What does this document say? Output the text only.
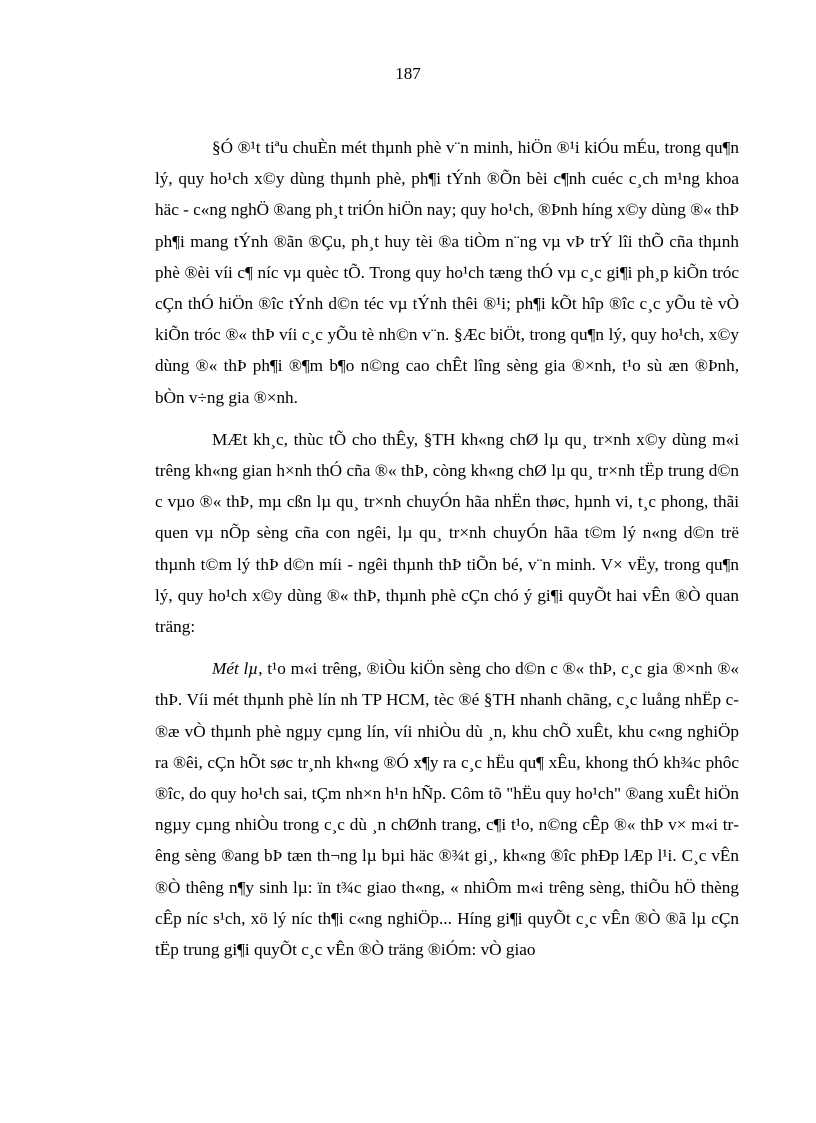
187

§Ó ®¹t tiªu chuÈn mét thµnh phè v¨n minh, hiÖn ®¹i kiÓu mÉu, trong qu¶n lý, quy ho¹ch x©y dùng thµnh phè, ph¶i tÝnh ®Õn bèi c¶nh cuéc c¸ch m¹ng khoa häc - c«ng nghÖ ®ang ph¸t triÓn hiÖn nay; quy ho¹ch, ®Þnh híng x©y dùng ®« thÞ ph¶i mang tÝnh ®ãn ®Çu, ph¸t huy tèi ®a tiÒm n¨ng vµ vÞ trÝ lîi thÕ cña thµnh phè ®èi víi c¶ níc vµ quèc tÕ. Trong quy ho¹ch tæng thÓ vµ c¸c gi¶i ph¸p kiÕn tróc cÇn thÓ hiÖn ®îc tÝnh d©n téc vµ tÝnh thêi ®¹i; ph¶i kÕt hîp ®îc c¸c yÕu tè vÒ kiÕn tróc ®« thÞ víi c¸c yÕu tè nh©n v¨n. §Æc biÖt, trong qu¶n lý, quy ho¹ch, x©y dùng ®« thÞ ph¶i ®¶m b¶o n©ng cao chÊt lîng sèng gia ®×nh, t¹o sù æn ®Þnh, bÒn v÷ng gia ®×nh.

MÆt kh¸c, thùc tÕ cho thÊy, §TH kh«ng chØ lµ qu¸ tr×nh x©y dùng m«i trêng kh«ng gian h×nh thÓ cña ®« thÞ, còng kh«ng chØ lµ qu¸ tr×nh tËp trung d©n c vµo ®« thÞ, mµ cßn lµ qu¸ tr×nh chuyÓn hãa nhËn thøc, hµnh vi, t¸c phong, thãi quen vµ nÕp sèng cña con ngêi, lµ qu¸ tr×nh chuyÓn hãa t©m lý n«ng d©n trë thµnh t©m lý thÞ d©n míi - ngêi thµnh thÞ tiÕn bé, v¨n minh. V× vËy, trong qu¶n lý, quy ho¹ch x©y dùng ®« thÞ, thµnh phè cÇn chó ý gi¶i quyÕt hai vÊn ®Ò quan träng:

Mét lµ, t¹o m«i trêng, ®iÒu kiÖn sèng cho d©n c ®« thÞ, c¸c gia ®×nh ®« thÞ. Víi mét thµnh phè lín nh TP HCM, tèc ®é §TH nhanh chãng, c¸c luång nhËp c ®æ vÒ thµnh phè ngµy cµng lín, víi nhiÒu dù ¸n, khu chÕ xuÊt, khu c«ng nghiÖp ra ®êi, cÇn hÕt søc tr¸nh kh«ng ®Ó x¶y ra c¸c hËu qu¶ xÊu, khong thÓ kh¾c phôc ®îc, do quy ho¹ch sai, tÇm nh×n h¹n hÑp. Côm tõ "hËu quy ho¹ch" ®ang xuÊt hiÖn ngµy cµng nhiÒu trong c¸c dù ¸n chØnh trang, c¶i t¹o, n©ng cÊp ®« thÞ v× m«i trêng sèng ®ang bÞ tæn th¬ng lµ bµi häc ®¾t gi¸, kh«ng ®îc phÐp lÆp l¹i. C¸c vÊn ®Ò thêng n¶y sinh lµ: ïn t¾c giao th«ng, « nhiÔm m«i trêng sèng, thiÕu hÖ thèng cÊp níc s¹ch, xö lý níc th¶i c«ng nghiÖp... Híng gi¶i quyÕt c¸c vÊn ®Ò ®ã lµ cÇn tËp trung gi¶i quyÕt c¸c vÊn ®Ò träng ®iÓm: vÒ giao
